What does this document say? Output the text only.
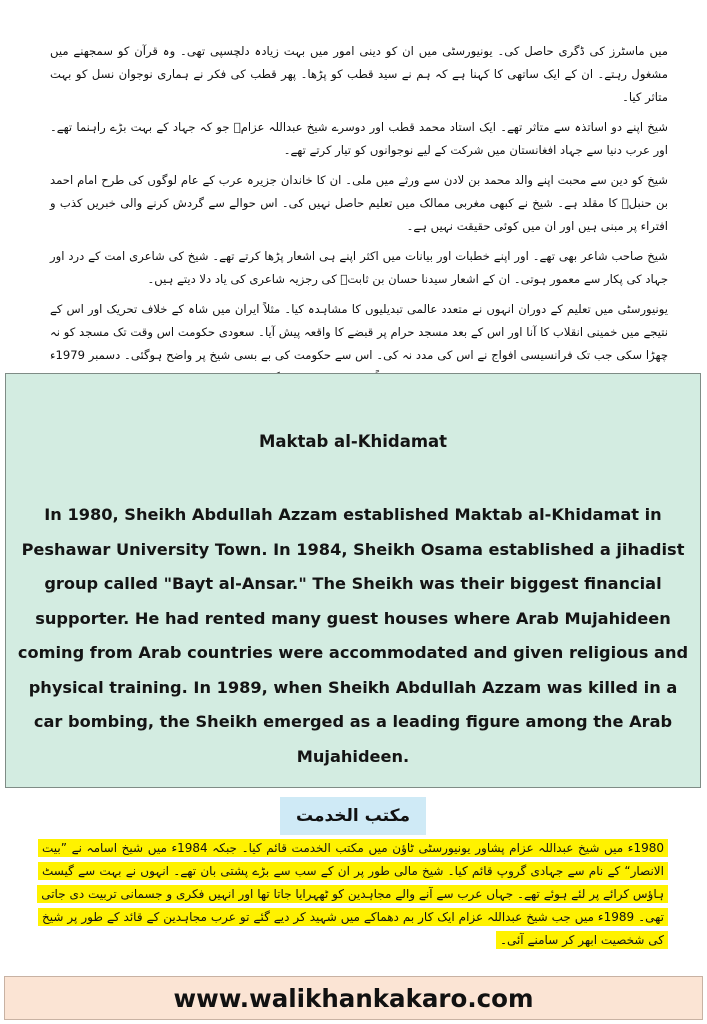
میں ماسٹرز کی ڈگری حاصل کی۔ یونیورسٹی میں ان کو دینی امور میں بہت زیادہ دلچسپی تھی۔ وہ قرآن کو سمجھنے میں مشغول رہتے۔ ان کے ایک ساتھی کا کہنا ہے کہ ہم نے سید قطب کو پڑھا۔ پھر قطب کی فکر نے ہماری نوجوان نسل کو بہت متاثر کیا۔

شیخ اپنے دو اساتذہ سے متاثر تھے۔ ایک استاد محمد قطب اور دوسرے شیخ عبداللہ عزامؒ جو کہ جہاد کے بہت بڑے راہنما تھے۔ اور عرب دنیا سے جہاد افغانستان میں شرکت کے لیے نوجوانوں کو تیار کرتے تھے۔

شیخ کو دین سے محبت اپنے والد محمد بن لادن سے ورثے میں ملی۔ ان کا خاندان جزیرہ عرب کے عام لوگوں کی طرح امام احمد بن حنبلؒ کا مقلد ہے۔ شیخ نے کبھی مغربی ممالک میں تعلیم حاصل نہیں کی۔ اس حوالے سے گردش کرنے والی خبریں کذب و افتراء پر مبنی ہیں اور ان میں کوئی حقیقت نہیں ہے۔

شیخ صاحب شاعر بھی تھے۔ اور اپنے خطبات اور بیانات میں اکثر اپنے ہی اشعار پڑھا کرتے تھے۔ شیخ کی شاعری امت کے درد اور جہاد کی پکار سے معمور ہوتی۔ ان کے اشعار سیدنا حسان بن ثابتؓ کی رجزیہ شاعری کی یاد دلا دیتے ہیں۔

یونیورسٹی میں تعلیم کے دوران انہوں نے متعدد عالمی تبدیلیوں کا مشاہدہ کیا۔ مثلاً ایران میں شاہ کے خلاف تحریک اور اس کے نتیجے میں خمینی انقلاب کا آنا اور اس کے بعد مسجد حرام پر قبضے کا واقعہ پیش آیا۔ سعودی حکومت اس وقت تک مسجد کو نہ چھڑا سکی جب تک فرانسیسی افواج نے اس کی مدد نہ کی۔ اس سے حکومت کی بے بسی شیخ پر واضح ہوگئی۔ دسمبر 1979ء

Maktab al-Khidamat
In 1980, Sheikh Abdullah Azzam established Maktab al-Khidamat in Peshawar University Town. In 1984, Sheikh Osama established a jihadist group called "Bayt al-Ansar." The Sheikh was their biggest financial supporter. He had rented many guest houses where Arab Mujahideen coming from Arab countries were accommodated and given religious and physical training. In 1989, when Sheikh Abdullah Azzam was killed in a car bombing, the Sheikh emerged as a leading figure among the Arab Mujahideen.
مکتب الخدمت
1980ء میں شیخ عبداللہ عزام پشاور یونیورسٹی ٹاؤن میں مکتب الخدمت قائم کیا۔ جبکہ 1984ء میں شیخ اسامہ نے ”بیت الانصار“ کے نام سے جہادی گروپ قائم کیا۔ شیخ مالی طور پر ان کے سب سے بڑے پشتی بان تھے۔ انہوں نے بہت سے گیسٹ ہاؤس کرائے پر لئے ہوئے تھے۔ جہاں عرب سے آنے والے مجاہدین کو ٹھہرایا جاتا تھا اور انہیں فکری و جسمانی تربیت دی جاتی تھی۔ 1989ء میں جب شیخ عبداللہ عزام ایک کار بم دھماکے میں شہید کر دیے گئے تو عرب مجاہدین کے قائد کے طور پر شیخ کی شخصیت ابھر کر سامنے آئی۔
www.walikhankakaro.com
